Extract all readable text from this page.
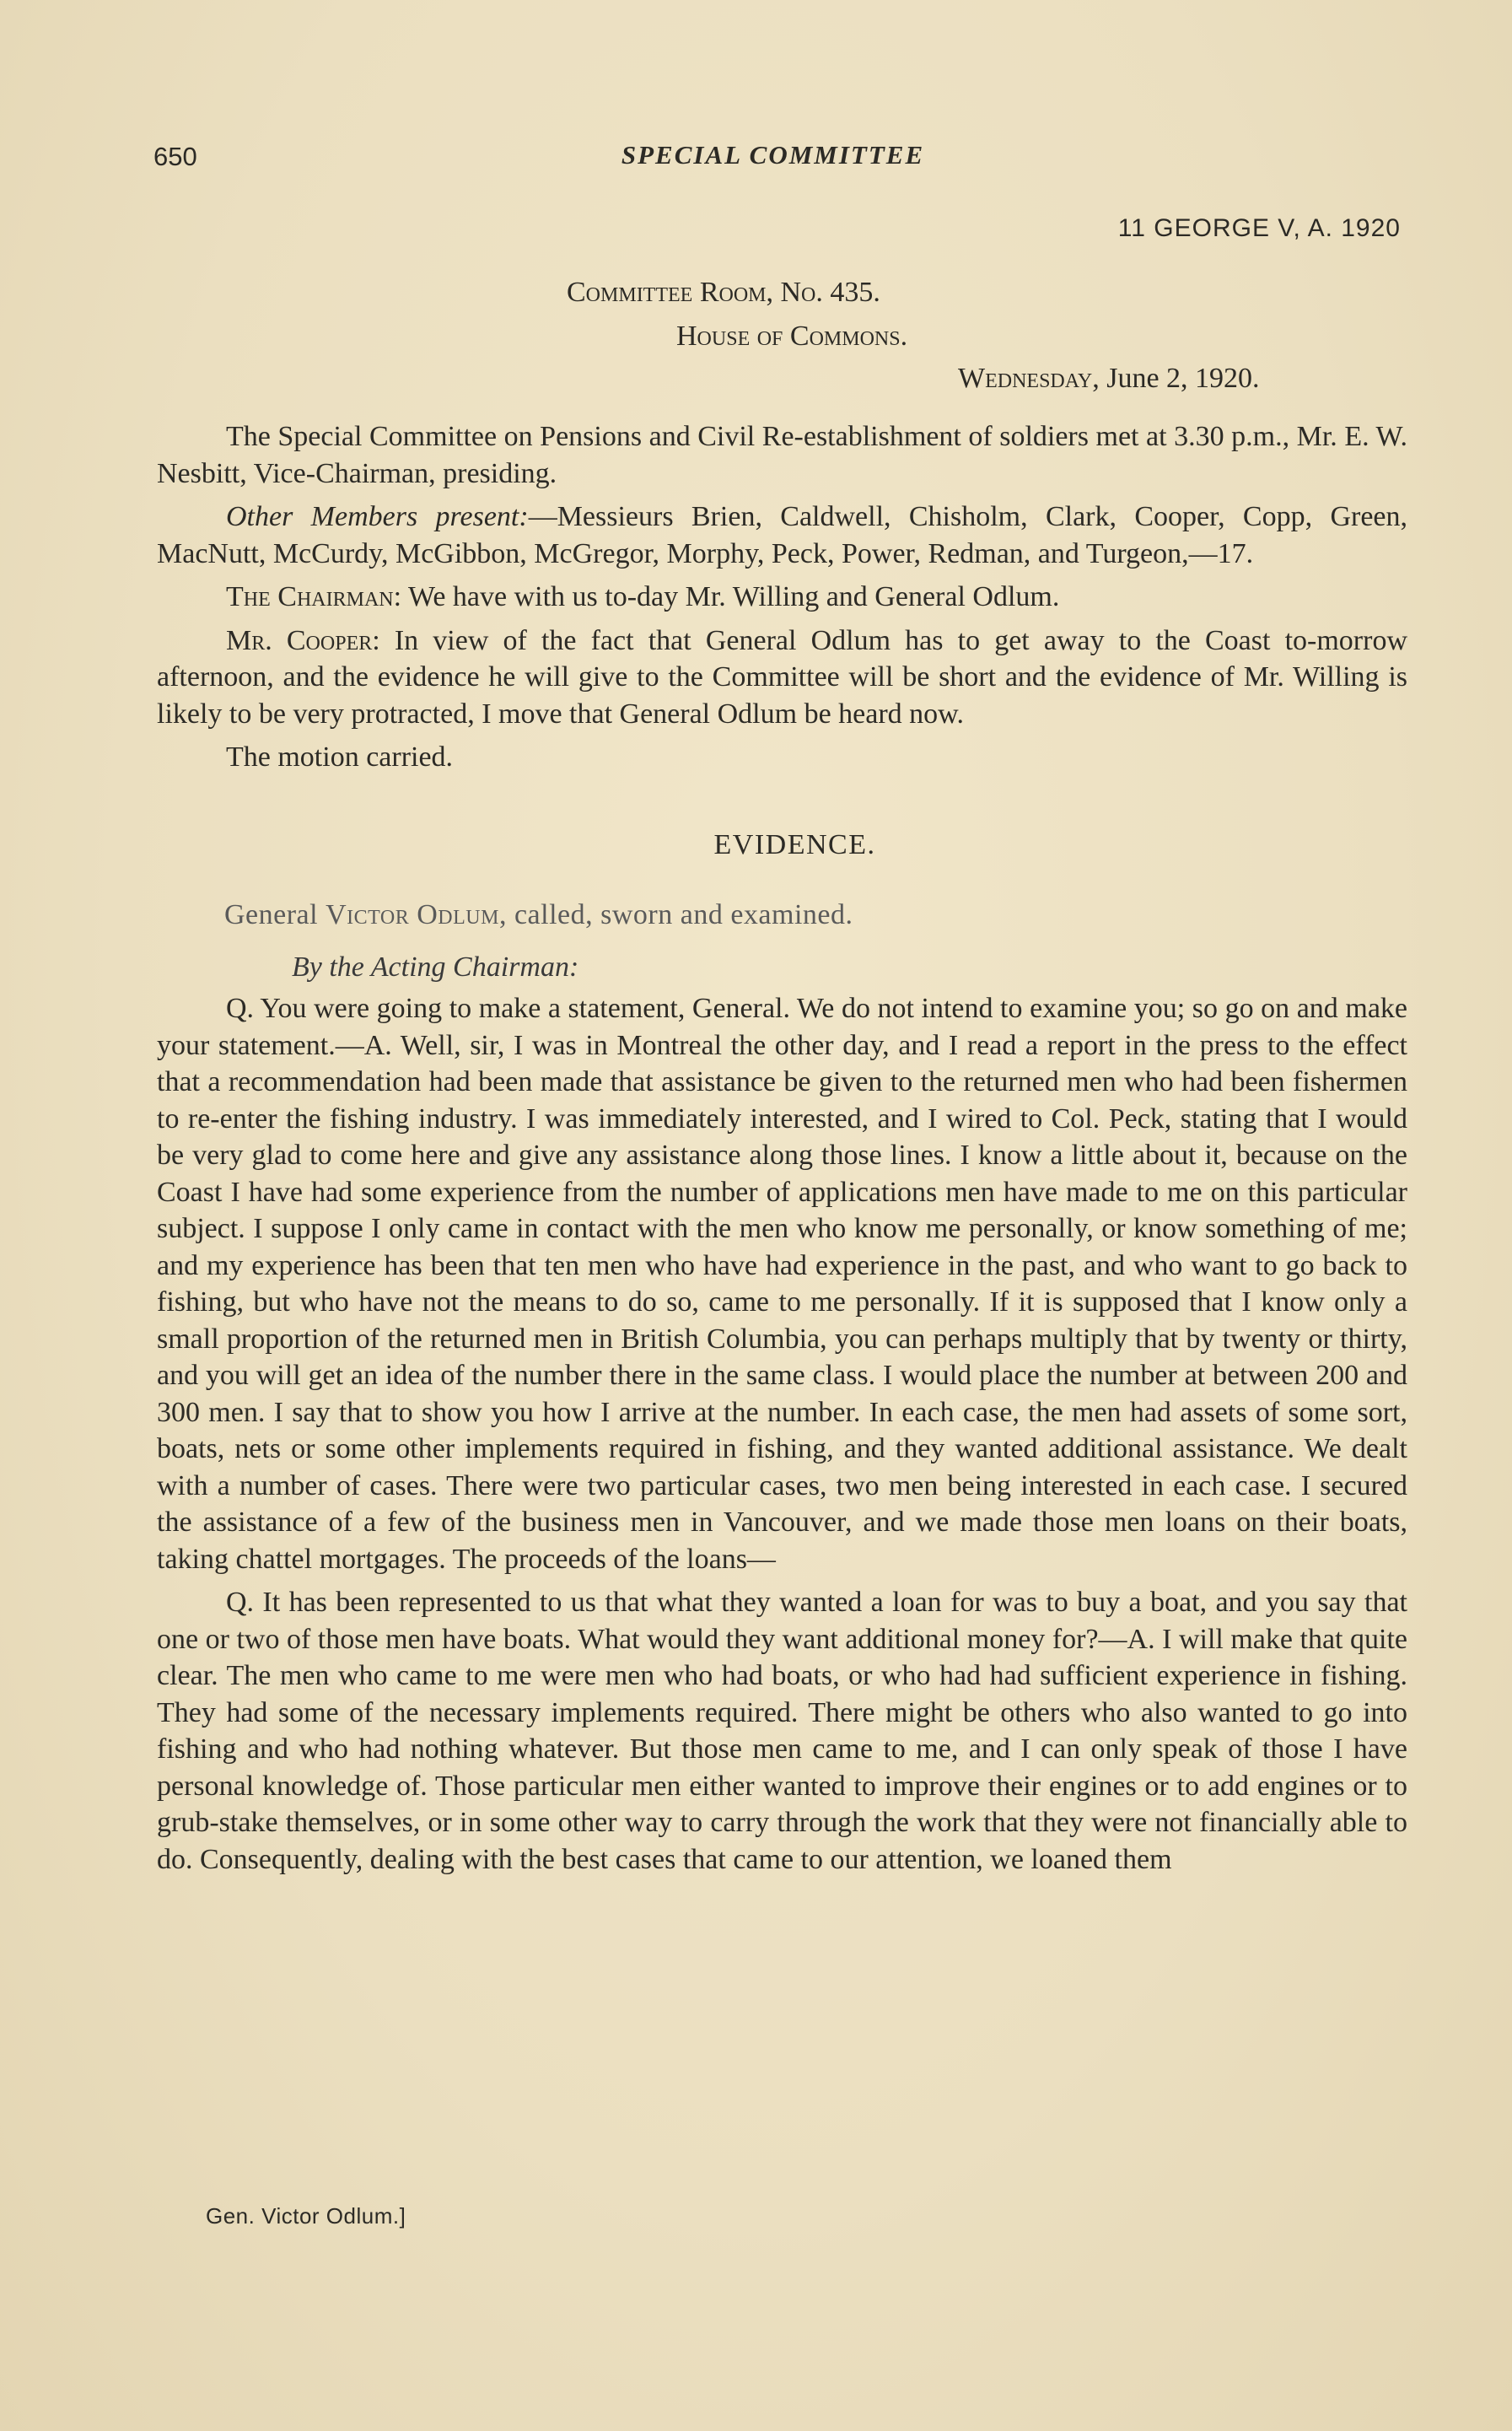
650	SPECIAL COMMITTEE
11 GEORGE V, A. 1920
Committee Room, No. 435.
House of Commons.
Wednesday, June 2, 1920.

The Special Committee on Pensions and Civil Re-establishment of soldiers met at 3.30 p.m., Mr. E. W. Nesbitt, Vice-Chairman, presiding.

Other Members present:—Messieurs Brien, Caldwell, Chisholm, Clark, Cooper, Copp, Green, MacNutt, McCurdy, McGibbon, McGregor, Morphy, Peck, Power, Redman, and Turgeon,—17.

The Chairman: We have with us to-day Mr. Willing and General Odlum.

Mr. Cooper: In view of the fact that General Odlum has to get away to the Coast to-morrow afternoon, and the evidence he will give to the Committee will be short and the evidence of Mr. Willing is likely to be very protracted, I move that General Odlum be heard now.

The motion carried.

EVIDENCE.
General Victor Odlum, called, sworn and examined.
By the Acting Chairman:

Q. You were going to make a statement, General. We do not intend to examine you; so go on and make your statement.—A. Well, sir, I was in Montreal the other day, and I read a report in the press to the effect that a recommendation had been made that assistance be given to the returned men who had been fishermen to re-enter the fishing industry. I was immediately interested, and I wired to Col. Peck, stating that I would be very glad to come here and give any assistance along those lines. I know a little about it, because on the Coast I have had some experience from the number of applications men have made to me on this particular subject. I suppose I only came in contact with the men who know me personally, or know something of me; and my experience has been that ten men who have had experience in the past, and who want to go back to fishing, but who have not the means to do so, came to me personally. If it is supposed that I know only a small proportion of the returned men in British Columbia, you can perhaps multiply that by twenty or thirty, and you will get an idea of the number there in the same class. I would place the number at between 200 and 300 men. I say that to show you how I arrive at the number. In each case, the men had assets of some sort, boats, nets or some other implements required in fishing, and they wanted additional assistance. We dealt with a number of cases. There were two particular cases, two men being interested in each case. I secured the assistance of a few of the business men in Vancouver, and we made those men loans on their boats, taking chattel mortgages. The proceeds of the loans—

Q. It has been represented to us that what they wanted a loan for was to buy a boat, and you say that one or two of those men have boats. What would they want additional money for?—A. I will make that quite clear. The men who came to me were men who had boats, or who had had sufficient experience in fishing. They had some of the necessary implements required. There might be others who also wanted to go into fishing and who had nothing whatever. But those men came to me, and I can only speak of those I have personal knowledge of. Those particular men either wanted to improve their engines or to add engines or to grub-stake themselves, or in some other way to carry through the work that they were not financially able to do. Consequently, dealing with the best cases that came to our attention, we loaned them

Gen. Victor Odlum.]
